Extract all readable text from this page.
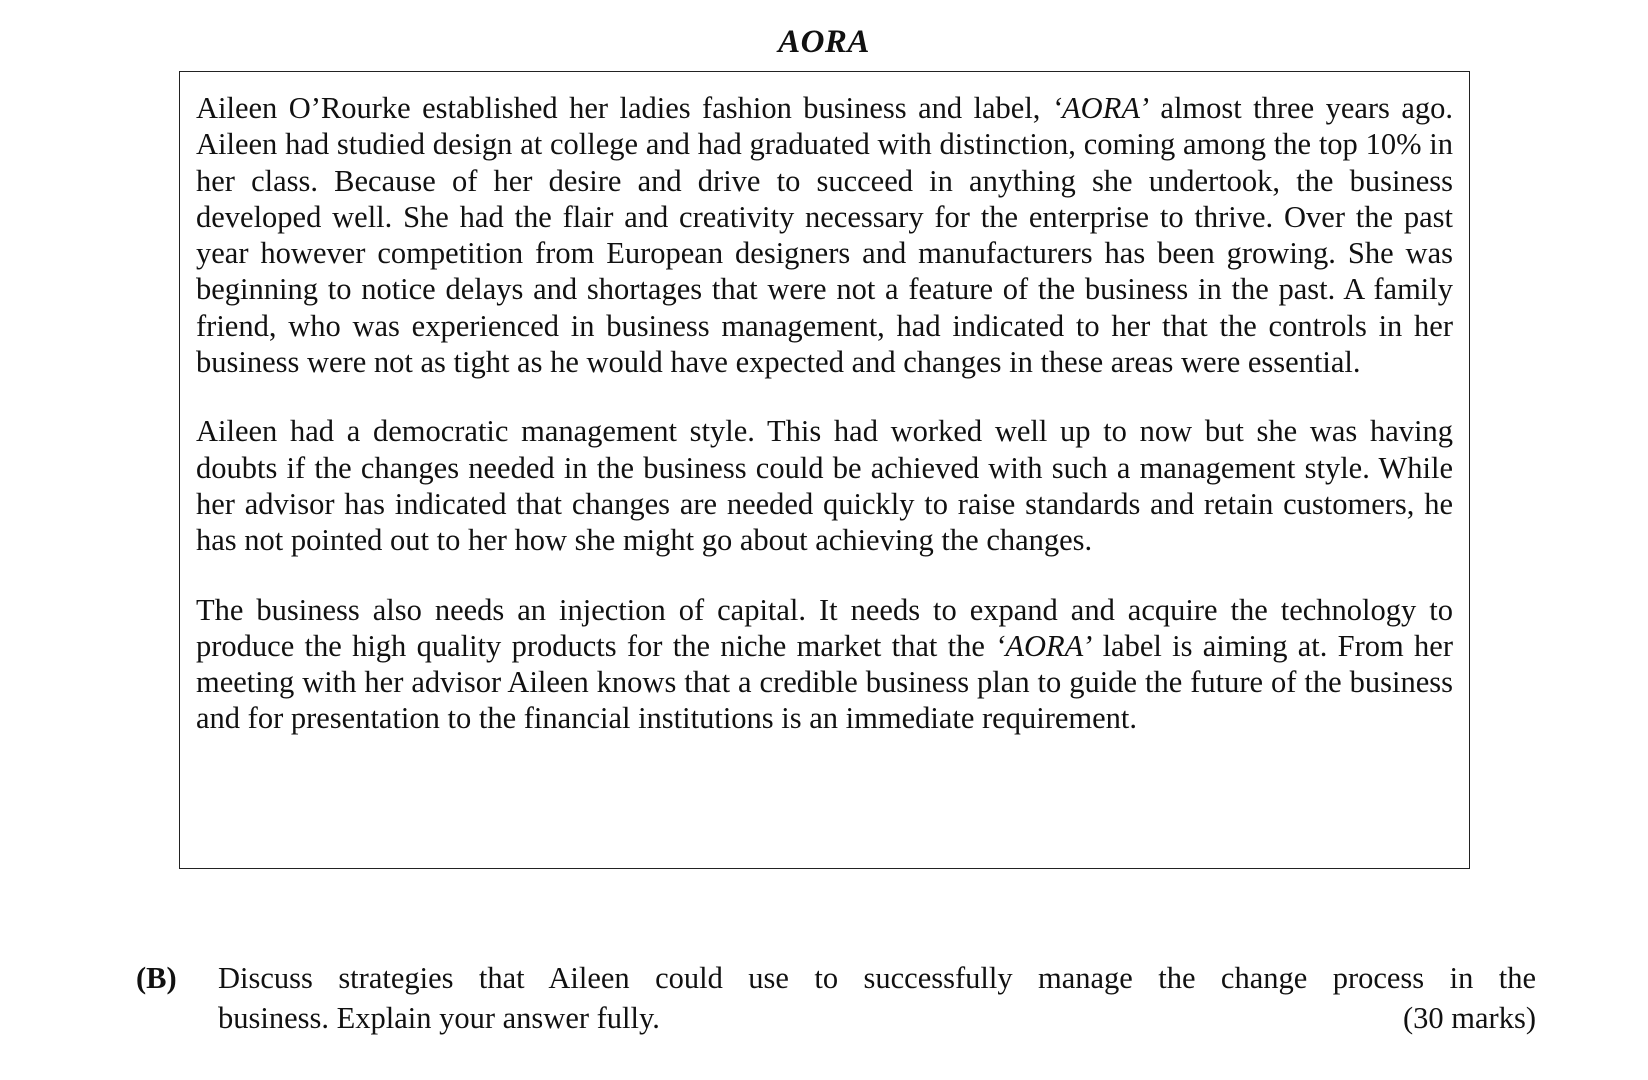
AORA

Aileen O’Rourke established her ladies fashion business and label, ‘AORA’ almost three years ago. Aileen had studied design at college and had graduated with distinction, coming among the top 10% in her class. Because of her desire and drive to succeed in anything she undertook, the business developed well. She had the flair and creativity necessary for the enterprise to thrive. Over the past year however competition from European designers and manufacturers has been growing. She was beginning to notice delays and shortages that were not a feature of the business in the past. A family friend, who was experienced in business management, had indicated to her that the controls in her business were not as tight as he would have expected and changes in these areas were essential.

Aileen had a democratic management style. This had worked well up to now but she was having doubts if the changes needed in the business could be achieved with such a management style. While her advisor has indicated that changes are needed quickly to raise standards and retain customers, he has not pointed out to her how she might go about achieving the changes.

The business also needs an injection of capital. It needs to expand and acquire the technology to produce the high quality products for the niche market that the ‘AORA’ label is aiming at. From her meeting with her advisor Aileen knows that a credible business plan to guide the future of the business and for presentation to the financial institutions is an immediate requirement.

(B) Discuss strategies that Aileen could use to successfully manage the change process in the
business. Explain your answer fully.	(30 marks)
